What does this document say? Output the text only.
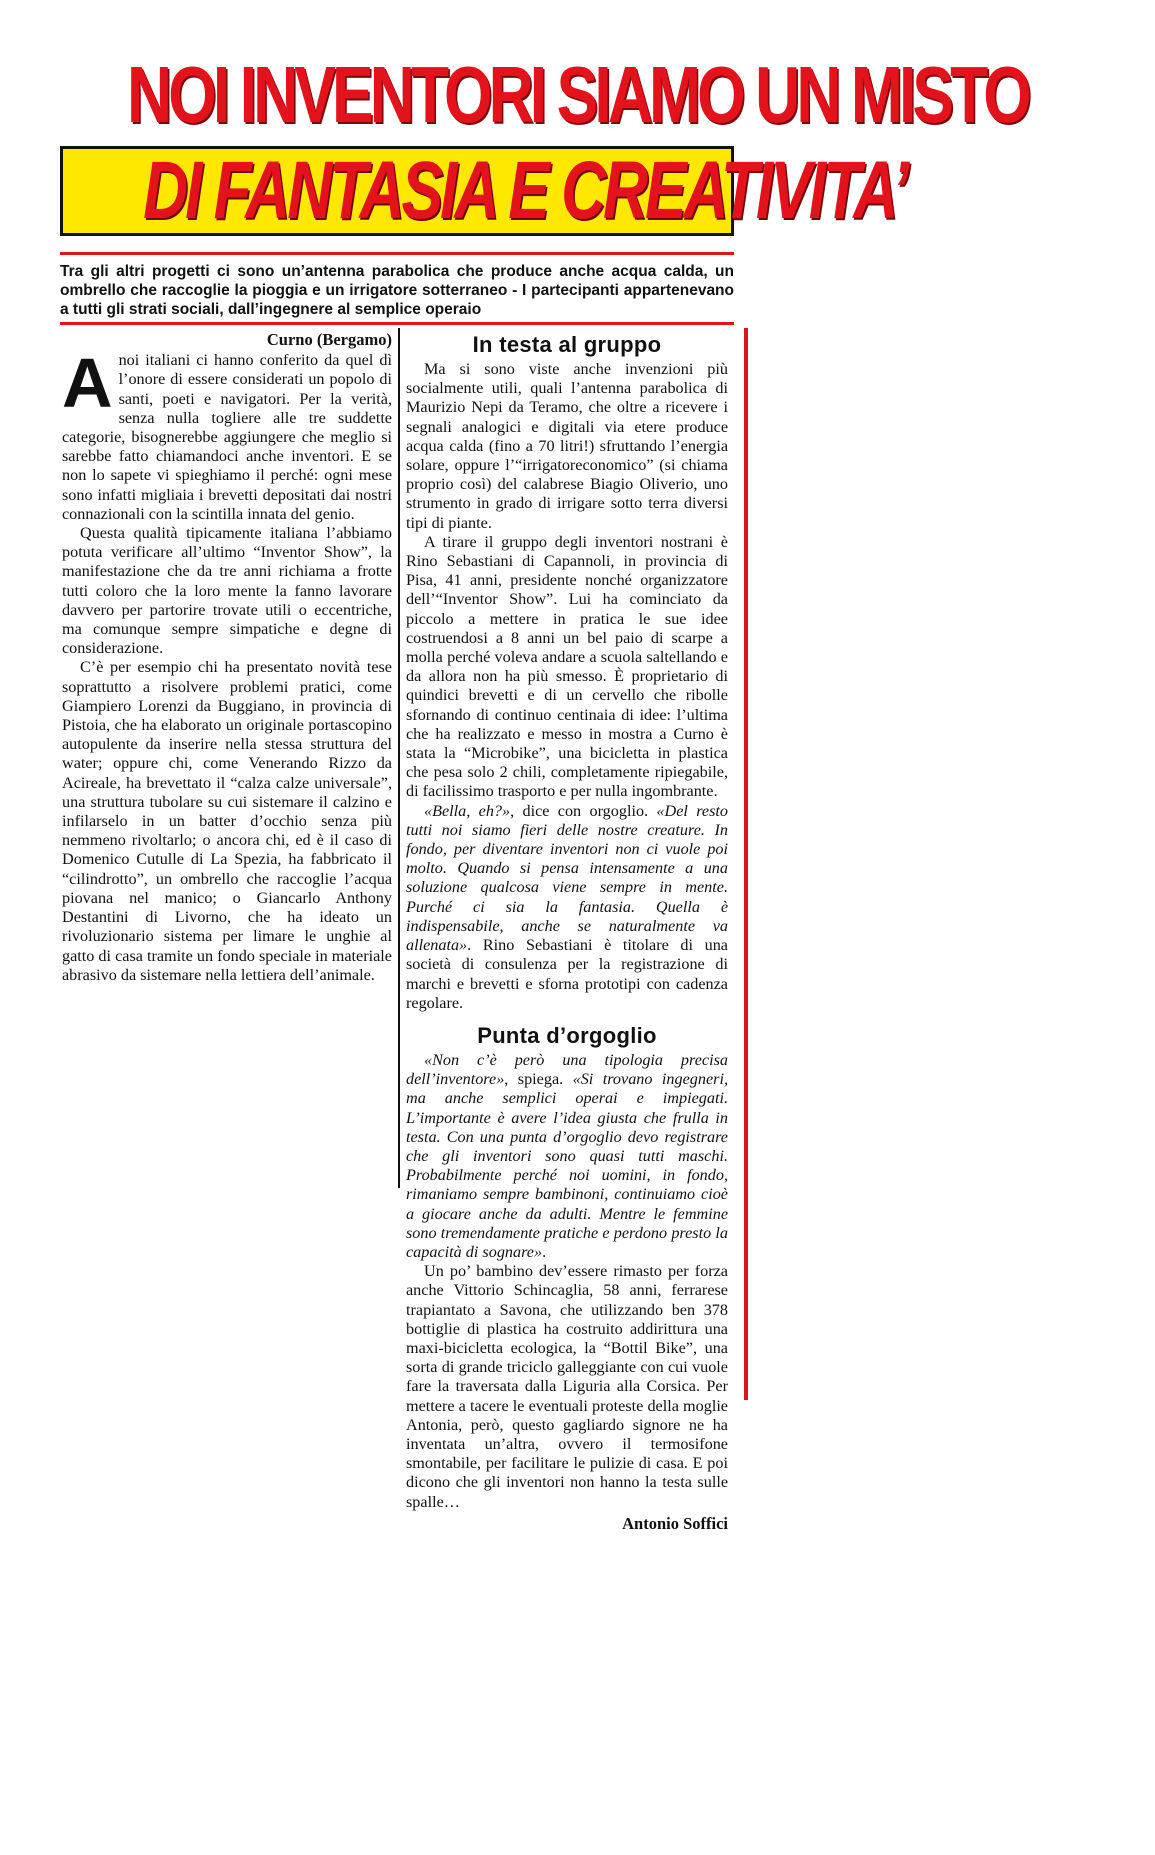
NOI INVENTORI SIAMO UN MISTO
DI FANTASIA E CREATIVITA’

Tra gli altri progetti ci sono un’antenna parabolica che produce anche acqua calda, un ombrello che raccoglie la pioggia e un irrigatore sotterraneo - I partecipanti appartenevano a tutti gli strati sociali, dall’ingegnere al semplice operaio

Curno (Bergamo)

Anoi italiani ci hanno conferito da quel dì l’onore di essere considerati un popolo di santi, poeti e navigatori. Per la verità, senza nulla togliere alle tre suddette categorie, bisognerebbe aggiungere che meglio si sarebbe fatto chiamandoci anche inventori. E se non lo sapete vi spieghiamo il perché: ogni mese sono infatti migliaia i brevetti depositati dai nostri connazionali con la scintilla innata del genio.

Questa qualità tipicamente italiana l’abbiamo potuta verificare all’ultimo “Inventor Show”, la manifestazione che da tre anni richiama a frotte tutti coloro che la loro mente la fanno lavorare davvero per partorire trovate utili o eccentriche, ma comunque sempre simpatiche e degne di considerazione.

C’è per esempio chi ha presentato novità tese soprattutto a risolvere problemi pratici, come Giampiero Lorenzi da Buggiano, in provincia di Pistoia, che ha elaborato un originale portascopino autopulente da inserire nella stessa struttura del water; oppure chi, come Venerando Rizzo da Acireale, ha brevettato il “calza calze universale”, una struttura tubolare su cui sistemare il calzino e infilarselo in un batter d’occhio senza più nemmeno rivoltarlo; o ancora chi, ed è il caso di Domenico Cutulle di La Spezia, ha fabbricato il “cilindrotto”, un ombrello che raccoglie l’acqua piovana nel manico; o Giancarlo Anthony Destantini di Livorno, che ha ideato un rivoluzionario sistema per limare le unghie al gatto di casa tramite un fondo speciale in materiale abrasivo da sistemare nella lettiera dell’animale.

In testa al gruppo

Ma si sono viste anche invenzioni più socialmente utili, quali l’antenna parabolica di Maurizio Nepi da Teramo, che oltre a ricevere i segnali analogici e digitali via etere produce acqua calda (fino a 70 litri!) sfruttando l’energia solare, oppure l’“irrigatoreconomico” (si chiama proprio così) del calabrese Biagio Oliverio, uno strumento in grado di irrigare sotto terra diversi tipi di piante.

A tirare il gruppo degli inventori nostrani è Rino Sebastiani di Capannoli, in provincia di Pisa, 41 anni, presidente nonché organizzatore dell’“Inventor Show”. Lui ha cominciato da piccolo a mettere in pratica le sue idee costruendosi a 8 anni un bel paio di scarpe a molla perché voleva andare a scuola saltellando e da allora non ha più smesso. È proprietario di quindici brevetti e di un cervello che ribolle sfornando di continuo centinaia di idee: l’ultima che ha realizzato e messo in mostra a Curno è stata la “Microbike”, una bicicletta in plastica che pesa solo 2 chili, completamente ripiegabile, di facilissimo trasporto e per nulla ingombrante.

«Bella, eh?», dice con orgoglio. «Del resto tutti noi siamo fieri delle nostre creature. In fondo, per diventare inventori non ci vuole poi molto. Quando si pensa intensamente a una soluzione qualcosa viene sempre in mente. Purché ci sia la fantasia. Quella è indispensabile, anche se naturalmente va allenata». Rino Sebastiani è titolare di una società di consulenza per la registrazione di marchi e brevetti e sforna prototipi con cadenza regolare.

Punta d’orgoglio

«Non c’è però una tipologia precisa dell’inventore», spiega. «Si trovano ingegneri, ma anche semplici operai e impiegati. L’importante è avere l’idea giusta che frulla in testa. Con una punta d’orgoglio devo registrare che gli inventori sono quasi tutti maschi. Probabilmente perché noi uomini, in fondo, rimaniamo sempre bambinoni, continuiamo cioè a giocare anche da adulti. Mentre le femmine sono tremendamente pratiche e perdono presto la capacità di sognare».

Un po’ bambino dev’essere rimasto per forza anche Vittorio Schincaglia, 58 anni, ferrarese trapiantato a Savona, che utilizzando ben 378 bottiglie di plastica ha costruito addirittura una maxi-bicicletta ecologica, la “Bottil Bike”, una sorta di grande triciclo galleggiante con cui vuole fare la traversata dalla Liguria alla Corsica. Per mettere a tacere le eventuali proteste della moglie Antonia, però, questo gagliardo signore ne ha inventata un’altra, ovvero il termosifone smontabile, per facilitare le pulizie di casa. E poi dicono che gli inventori non hanno la testa sulle spalle…

Antonio Soffici
